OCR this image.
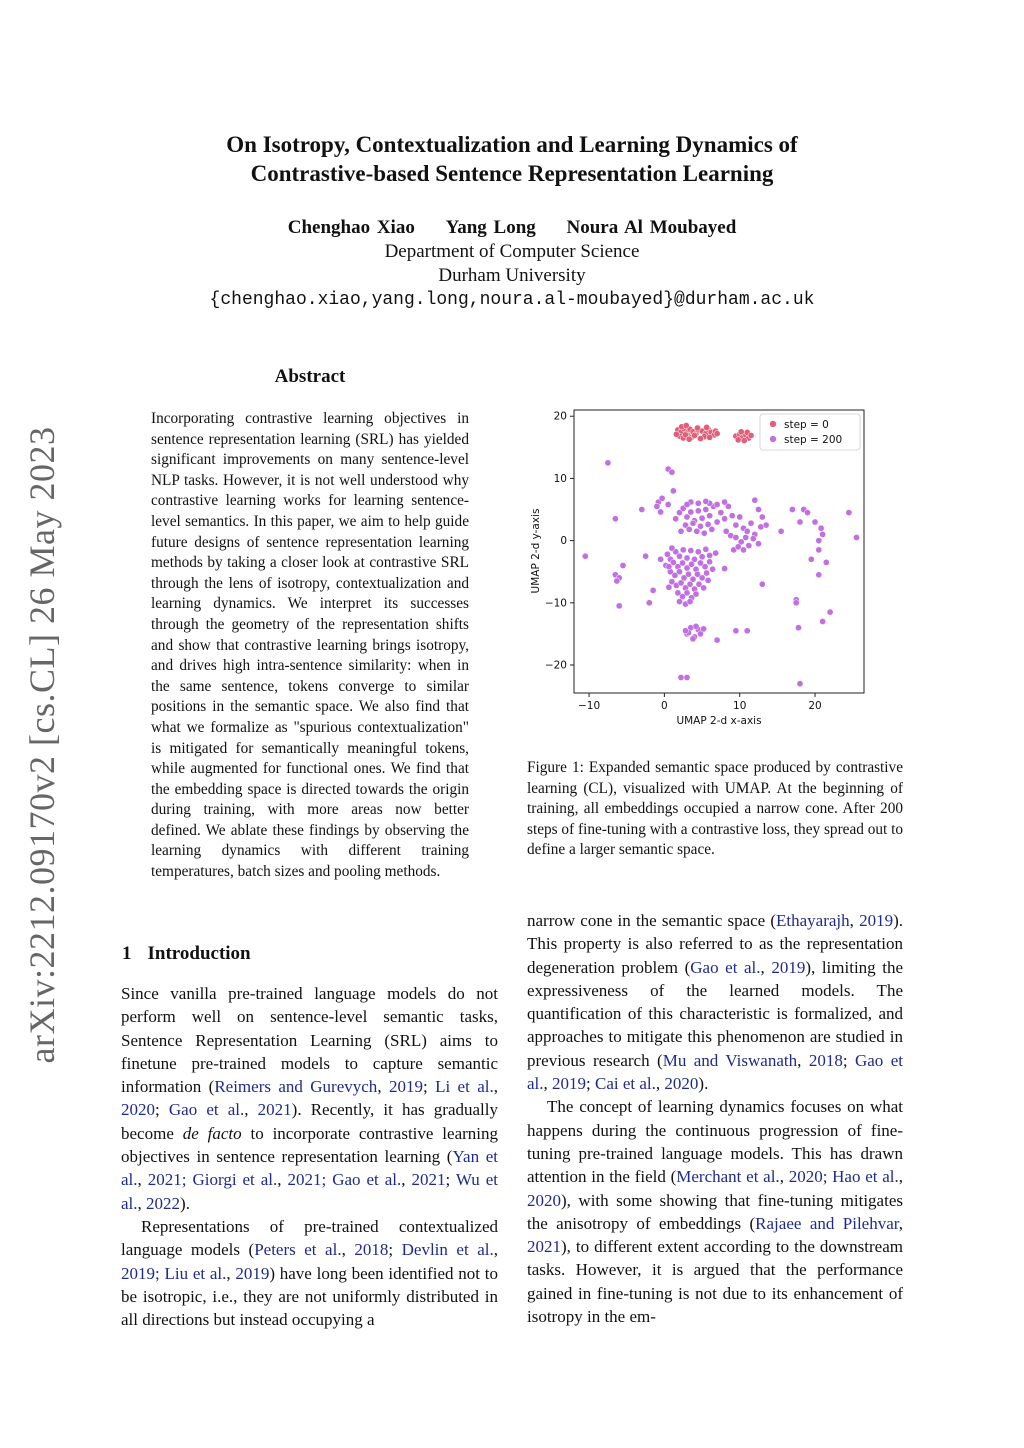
On Isotropy, Contextualization and Learning Dynamics of
Contrastive-based Sentence Representation Learning
Chenghao Xiao Yang Long Noura Al Moubayed
Department of Computer Science
Durham University
{chenghao.xiao,yang.long,noura.al-moubayed}@durham.ac.uk
arXiv:2212.09170v2 [cs.CL] 26 May 2023
Abstract
Incorporating contrastive learning objectives in sentence representation learning (SRL) has yielded significant improvements on many sentence-level NLP tasks. However, it is not well understood why contrastive learning works for learning sentence-level semantics. In this paper, we aim to help guide future designs of sentence representation learning methods by taking a closer look at contrastive SRL through the lens of isotropy, contextualization and learning dynamics. We interpret its successes through the geometry of the representation shifts and show that contrastive learning brings isotropy, and drives high intra-sentence similarity: when in the same sentence, tokens converge to similar positions in the semantic space. We also find that what we formalize as "spurious contextualization" is mitigated for semantically meaningful tokens, while augmented for functional ones. We find that the embedding space is directed towards the origin during training, with more areas now better defined. We ablate these findings by observing the learning dynamics with different training temperatures, batch sizes and pooling methods.
1 Introduction

Since vanilla pre-trained language models do not perform well on sentence-level semantic tasks, Sentence Representation Learning (SRL) aims to finetune pre-trained models to capture semantic information (Reimers and Gurevych, 2019; Li et al., 2020; Gao et al., 2021). Recently, it has gradually become de facto to incorporate contrastive learning objectives in sentence representation learning (Yan et al., 2021; Giorgi et al., 2021; Gao et al., 2021; Wu et al., 2022).

Representations of pre-trained contextualized language models (Peters et al., 2018; Devlin et al., 2019; Liu et al., 2019) have long been identified not to be isotropic, i.e., they are not uniformly distributed in all directions but instead occupying a

−10	0	10	20
−20
−10
0
10
20
UMAP 2-d x-axis
UMAP 2-d y-axis
step = 0
step = 200
Figure 1: Expanded semantic space produced by contrastive learning (CL), visualized with UMAP. At the beginning of training, all embeddings occupied a narrow cone. After 200 steps of fine-tuning with a contrastive loss, they spread out to define a larger semantic space.

narrow cone in the semantic space (Ethayarajh, 2019). This property is also referred to as the representation degeneration problem (Gao et al., 2019), limiting the expressiveness of the learned models. The quantification of this characteristic is formalized, and approaches to mitigate this phenomenon are studied in previous research (Mu and Viswanath, 2018; Gao et al., 2019; Cai et al., 2020).

The concept of learning dynamics focuses on what happens during the continuous progression of fine-tuning pre-trained language models. This has drawn attention in the field (Merchant et al., 2020; Hao et al., 2020), with some showing that fine-tuning mitigates the anisotropy of embeddings (Rajaee and Pilehvar, 2021), to different extent according to the downstream tasks. However, it is argued that the performance gained in fine-tuning is not due to its enhancement of isotropy in the em-
